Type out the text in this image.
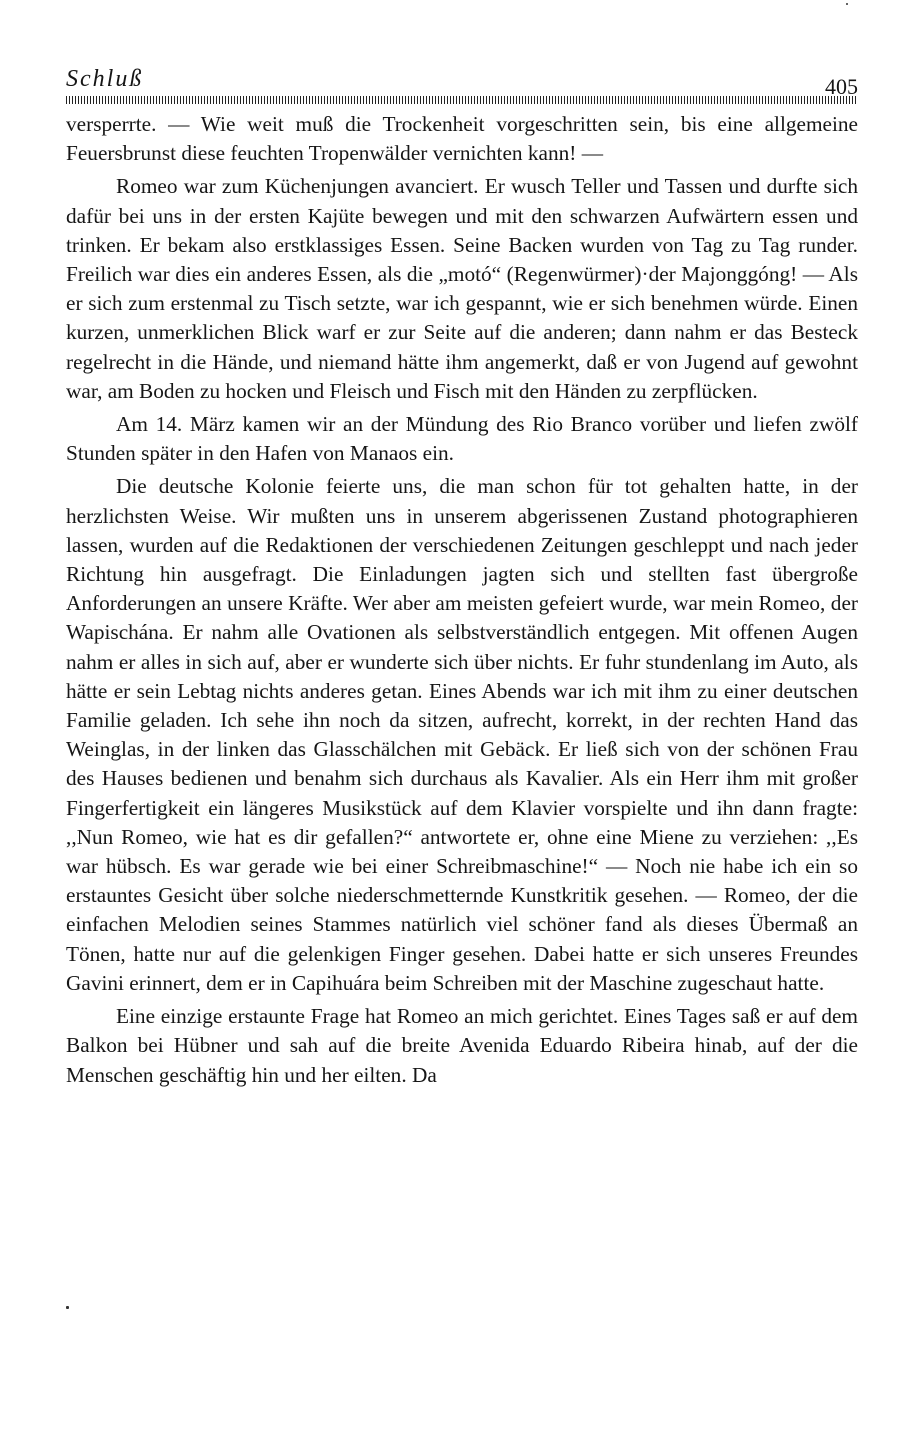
Schluß	405

versperrte. — Wie weit muß die Trockenheit vorgeschritten sein, bis eine allgemeine Feuersbrunst diese feuchten Tropenwälder vernichten kann! —

Romeo war zum Küchenjungen avanciert. Er wusch Teller und Tassen und durfte sich dafür bei uns in der ersten Kajüte bewegen und mit den schwarzen Aufwärtern essen und trinken. Er bekam also erstklassiges Essen. Seine Backen wurden von Tag zu Tag runder. Freilich war dies ein anderes Essen, als die „motó“ (Regenwürmer)·der Majonggóng! — Als er sich zum erstenmal zu Tisch setzte, war ich gespannt, wie er sich benehmen würde. Einen kurzen, unmerklichen Blick warf er zur Seite auf die anderen; dann nahm er das Besteck regelrecht in die Hände, und niemand hätte ihm angemerkt, daß er von Jugend auf gewohnt war, am Boden zu hocken und Fleisch und Fisch mit den Händen zu zerpflücken.

Am 14. März kamen wir an der Mündung des Rio Branco vorüber und liefen zwölf Stunden später in den Hafen von Manaos ein.

Die deutsche Kolonie feierte uns, die man schon für tot gehalten hatte, in der herzlichsten Weise. Wir mußten uns in unserem abgerissenen Zustand photographieren lassen, wurden auf die Redaktionen der verschiedenen Zeitungen geschleppt und nach jeder Richtung hin ausgefragt. Die Einladungen jagten sich und stellten fast übergroße Anforderungen an unsere Kräfte. Wer aber am meisten gefeiert wurde, war mein Romeo, der Wapischána. Er nahm alle Ovationen als selbstverständlich entgegen. Mit offenen Augen nahm er alles in sich auf, aber er wunderte sich über nichts. Er fuhr stundenlang im Auto, als hätte er sein Lebtag nichts anderes getan. Eines Abends war ich mit ihm zu einer deutschen Familie geladen. Ich sehe ihn noch da sitzen, aufrecht, korrekt, in der rechten Hand das Weinglas, in der linken das Glasschälchen mit Gebäck. Er ließ sich von der schönen Frau des Hauses bedienen und benahm sich durchaus als Kavalier. Als ein Herr ihm mit großer Fingerfertigkeit ein längeres Musikstück auf dem Klavier vorspielte und ihn dann fragte: ,,Nun Romeo, wie hat es dir gefallen?“ antwortete er, ohne eine Miene zu verziehen: ,,Es war hübsch. Es war gerade wie bei einer Schreibmaschine!“ — Noch nie habe ich ein so erstauntes Gesicht über solche niederschmetternde Kunstkritik gesehen. — Romeo, der die einfachen Melodien seines Stammes natürlich viel schöner fand als dieses Übermaß an Tönen, hatte nur auf die gelenkigen Finger gesehen. Dabei hatte er sich unseres Freundes Gavini erinnert, dem er in Capihuára beim Schreiben mit der Maschine zugeschaut hatte.

Eine einzige erstaunte Frage hat Romeo an mich gerichtet. Eines Tages saß er auf dem Balkon bei Hübner und sah auf die breite Avenida Eduardo Ribeira hinab, auf der die Menschen geschäftig hin und her eilten. Da
